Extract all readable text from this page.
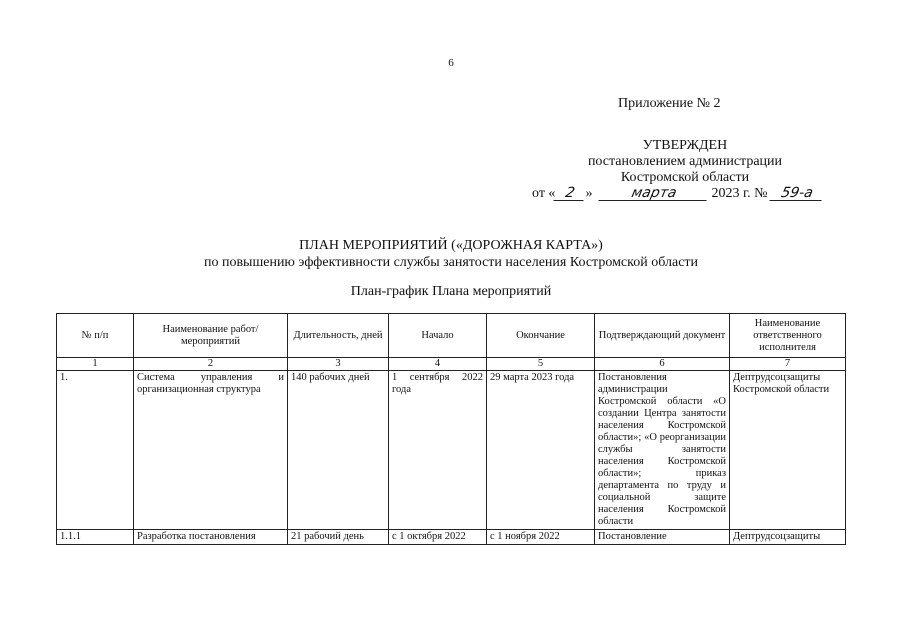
6
Приложение № 2
УТВЕРЖДЕН
постановлением администрации
Костромской области
от « 2 »	марта 2023 г. № 59-а
ПЛАН МЕРОПРИЯТИЙ («ДОРОЖНАЯ КАРТА»)
по повышению эффективности службы занятости населения Костромской области
План-график Плана мероприятий
№ п/п	Наименование работ/мероприятий	Длительность, дней	Начало	Окончание	Подтверждающий документ	Наименование ответственного исполнителя
1	2	3	4	5	6	7
1.	Система управления и организационная структура	140 рабочих дней	1 сентября 2022 года	29 марта 2023 года	Постановления администрации Костромской области «О создании Центра занятости населения Костромской области»; «О реорганизации службы занятости населения Костромской области»; приказ департамента по труду и социальной защите населения Костромской области	Дептрудсоцзащиты Костромской области
1.1.1	Разработка постановления	21 рабочий день	с 1 октября 2022	с 1 ноября 2022	Постановление	Дептрудсоцзащиты
